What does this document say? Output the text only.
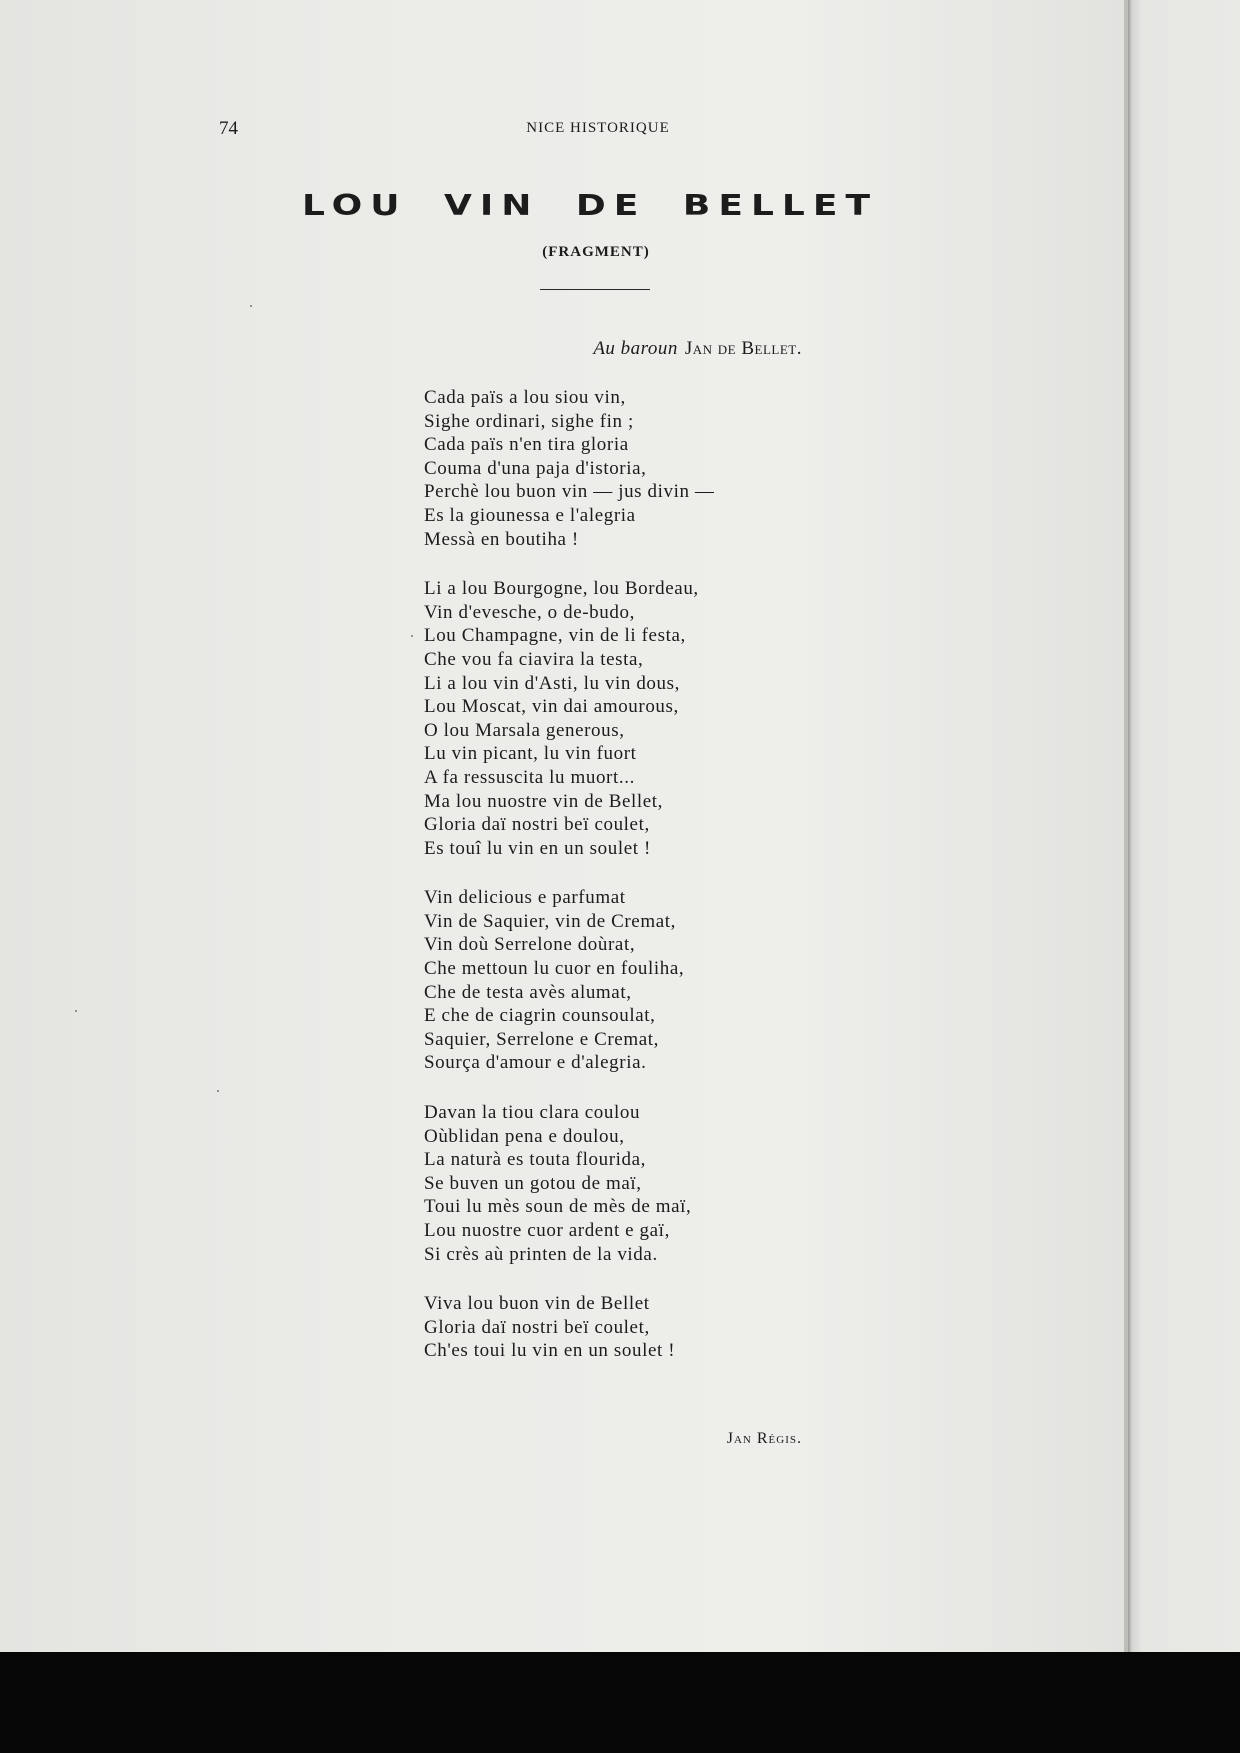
74	NICE HISTORIQUE
LOU VIN DE BELLET
(FRAGMENT)
Au baroun Jan de Bellet.
Cada païs a lou siou vin,
Sighe ordinari, sighe fin ;
Cada païs n'en tira gloria
Couma d'una paja d'istoria,
Perchè lou buon vin — jus divin —
Es la giounessa e l'alegria
Messà en boutiha !
Li a lou Bourgogne, lou Bordeau,
Vin d'evesche, o de-budo,
Lou Champagne, vin de li festa,
Che vou fa ciavira la testa,
Li a lou vin d'Asti, lu vin dous,
Lou Moscat, vin dai amourous,
O lou Marsala generous,
Lu vin picant, lu vin fuort
A fa ressuscita lu muort...
Ma lou nuostre vin de Bellet,
Gloria daï nostri beï coulet,
Es touî lu vin en un soulet !
Vin delicious e parfumat
Vin de Saquier, vin de Cremat,
Vin doù Serrelone doùrat,
Che mettoun lu cuor en fouliha,
Che de testa avès alumat,
E che de ciagrin counsoulat,
Saquier, Serrelone e Cremat,
Sourça d'amour e d'alegria.
Davan la tiou clara coulou
Oùblidan pena e doulou,
La naturà es touta flourida,
Se buven un gotou de maï,
Toui lu mès soun de mès de maï,
Lou nuostre cuor ardent e gaï,
Si crès aù printen de la vida.
Viva lou buon vin de Bellet
Gloria daï nostri beï coulet,
Ch'es toui lu vin en un soulet !
Jan Régis.
